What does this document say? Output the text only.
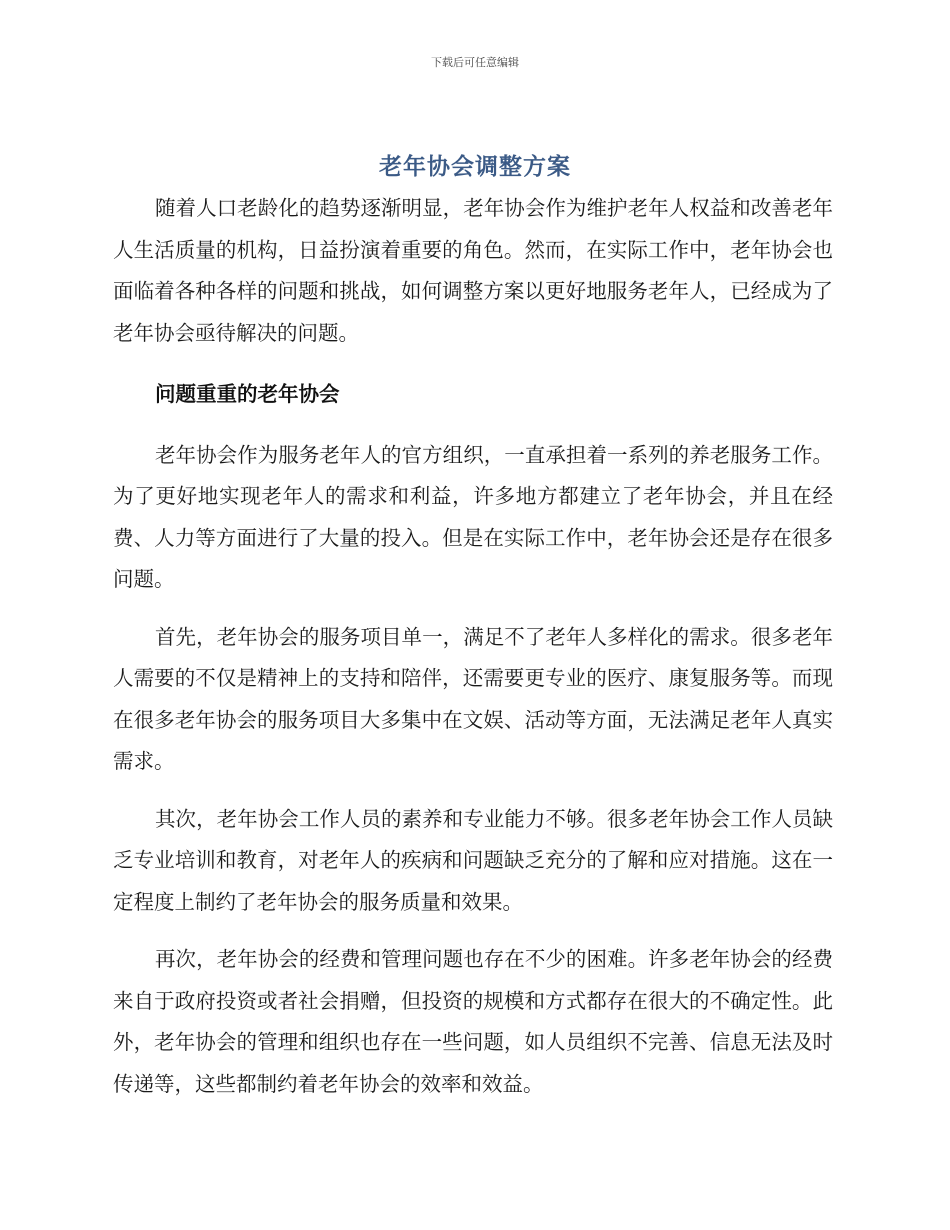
下载后可任意编辑
老年协会调整方案

随着人口老龄化的趋势逐渐明显，老年协会作为维护老年人权益和改善老年人生活质量的机构，日益扮演着重要的角色。然而，在实际工作中，老年协会也面临着各种各样的问题和挑战，如何调整方案以更好地服务老年人，已经成为了老年协会亟待解决的问题。

问题重重的老年协会

老年协会作为服务老年人的官方组织，一直承担着一系列的养老服务工作。为了更好地实现老年人的需求和利益，许多地方都建立了老年协会，并且在经费、人力等方面进行了大量的投入。但是在实际工作中，老年协会还是存在很多问题。

首先，老年协会的服务项目单一，满足不了老年人多样化的需求。很多老年人需要的不仅是精神上的支持和陪伴，还需要更专业的医疗、康复服务等。而现在很多老年协会的服务项目大多集中在文娱、活动等方面，无法满足老年人真实需求。

其次，老年协会工作人员的素养和专业能力不够。很多老年协会工作人员缺乏专业培训和教育，对老年人的疾病和问题缺乏充分的了解和应对措施。这在一定程度上制约了老年协会的服务质量和效果。

再次，老年协会的经费和管理问题也存在不少的困难。许多老年协会的经费来自于政府投资或者社会捐赠，但投资的规模和方式都存在很大的不确定性。此外，老年协会的管理和组织也存在一些问题，如人员组织不完善、信息无法及时传递等，这些都制约着老年协会的效率和效益。
